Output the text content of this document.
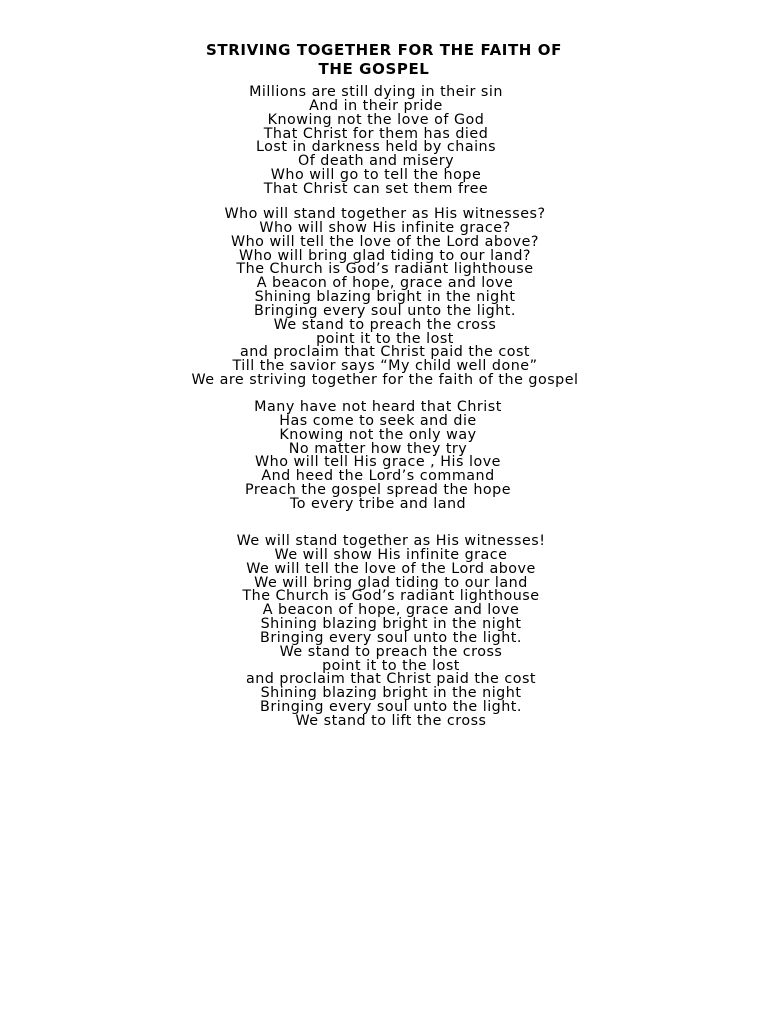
STRIVING TOGETHER FOR THE FAITH OF
THE GOSPEL
Millions are still dying in their sin
And in their pride
Knowing not the love of God
That Christ for them has died
Lost in darkness held by chains
Of death and misery
Who will go to tell the hope
That Christ can set them free
Who will stand together as His witnesses?
Who will show His infinite grace?
Who will tell the love of the Lord above?
Who will bring glad tiding to our land?
The Church is God’s radiant lighthouse
A beacon of hope, grace and love
Shining blazing bright in the night
Bringing every soul unto the light.
We stand to preach the cross
point it to the lost
and proclaim that Christ paid the cost
Till the savior says “My child well done”
We are striving together for the faith of the gospel
Many have not heard that Christ
Has come to seek and die
Knowing not the only way
No matter how they try
Who will tell His grace , His love
And heed the Lord’s command
Preach the gospel spread the hope
To every tribe and land
We will stand together as His witnesses!
We will show His infinite grace
We will tell the love of the Lord above
We will bring glad tiding to our land
The Church is God’s radiant lighthouse
A beacon of hope, grace and love
Shining blazing bright in the night
Bringing every soul unto the light.
We stand to preach the cross
point it to the lost
and proclaim that Christ paid the cost
Shining blazing bright in the night
Bringing every soul unto the light.
We stand to lift the cross
